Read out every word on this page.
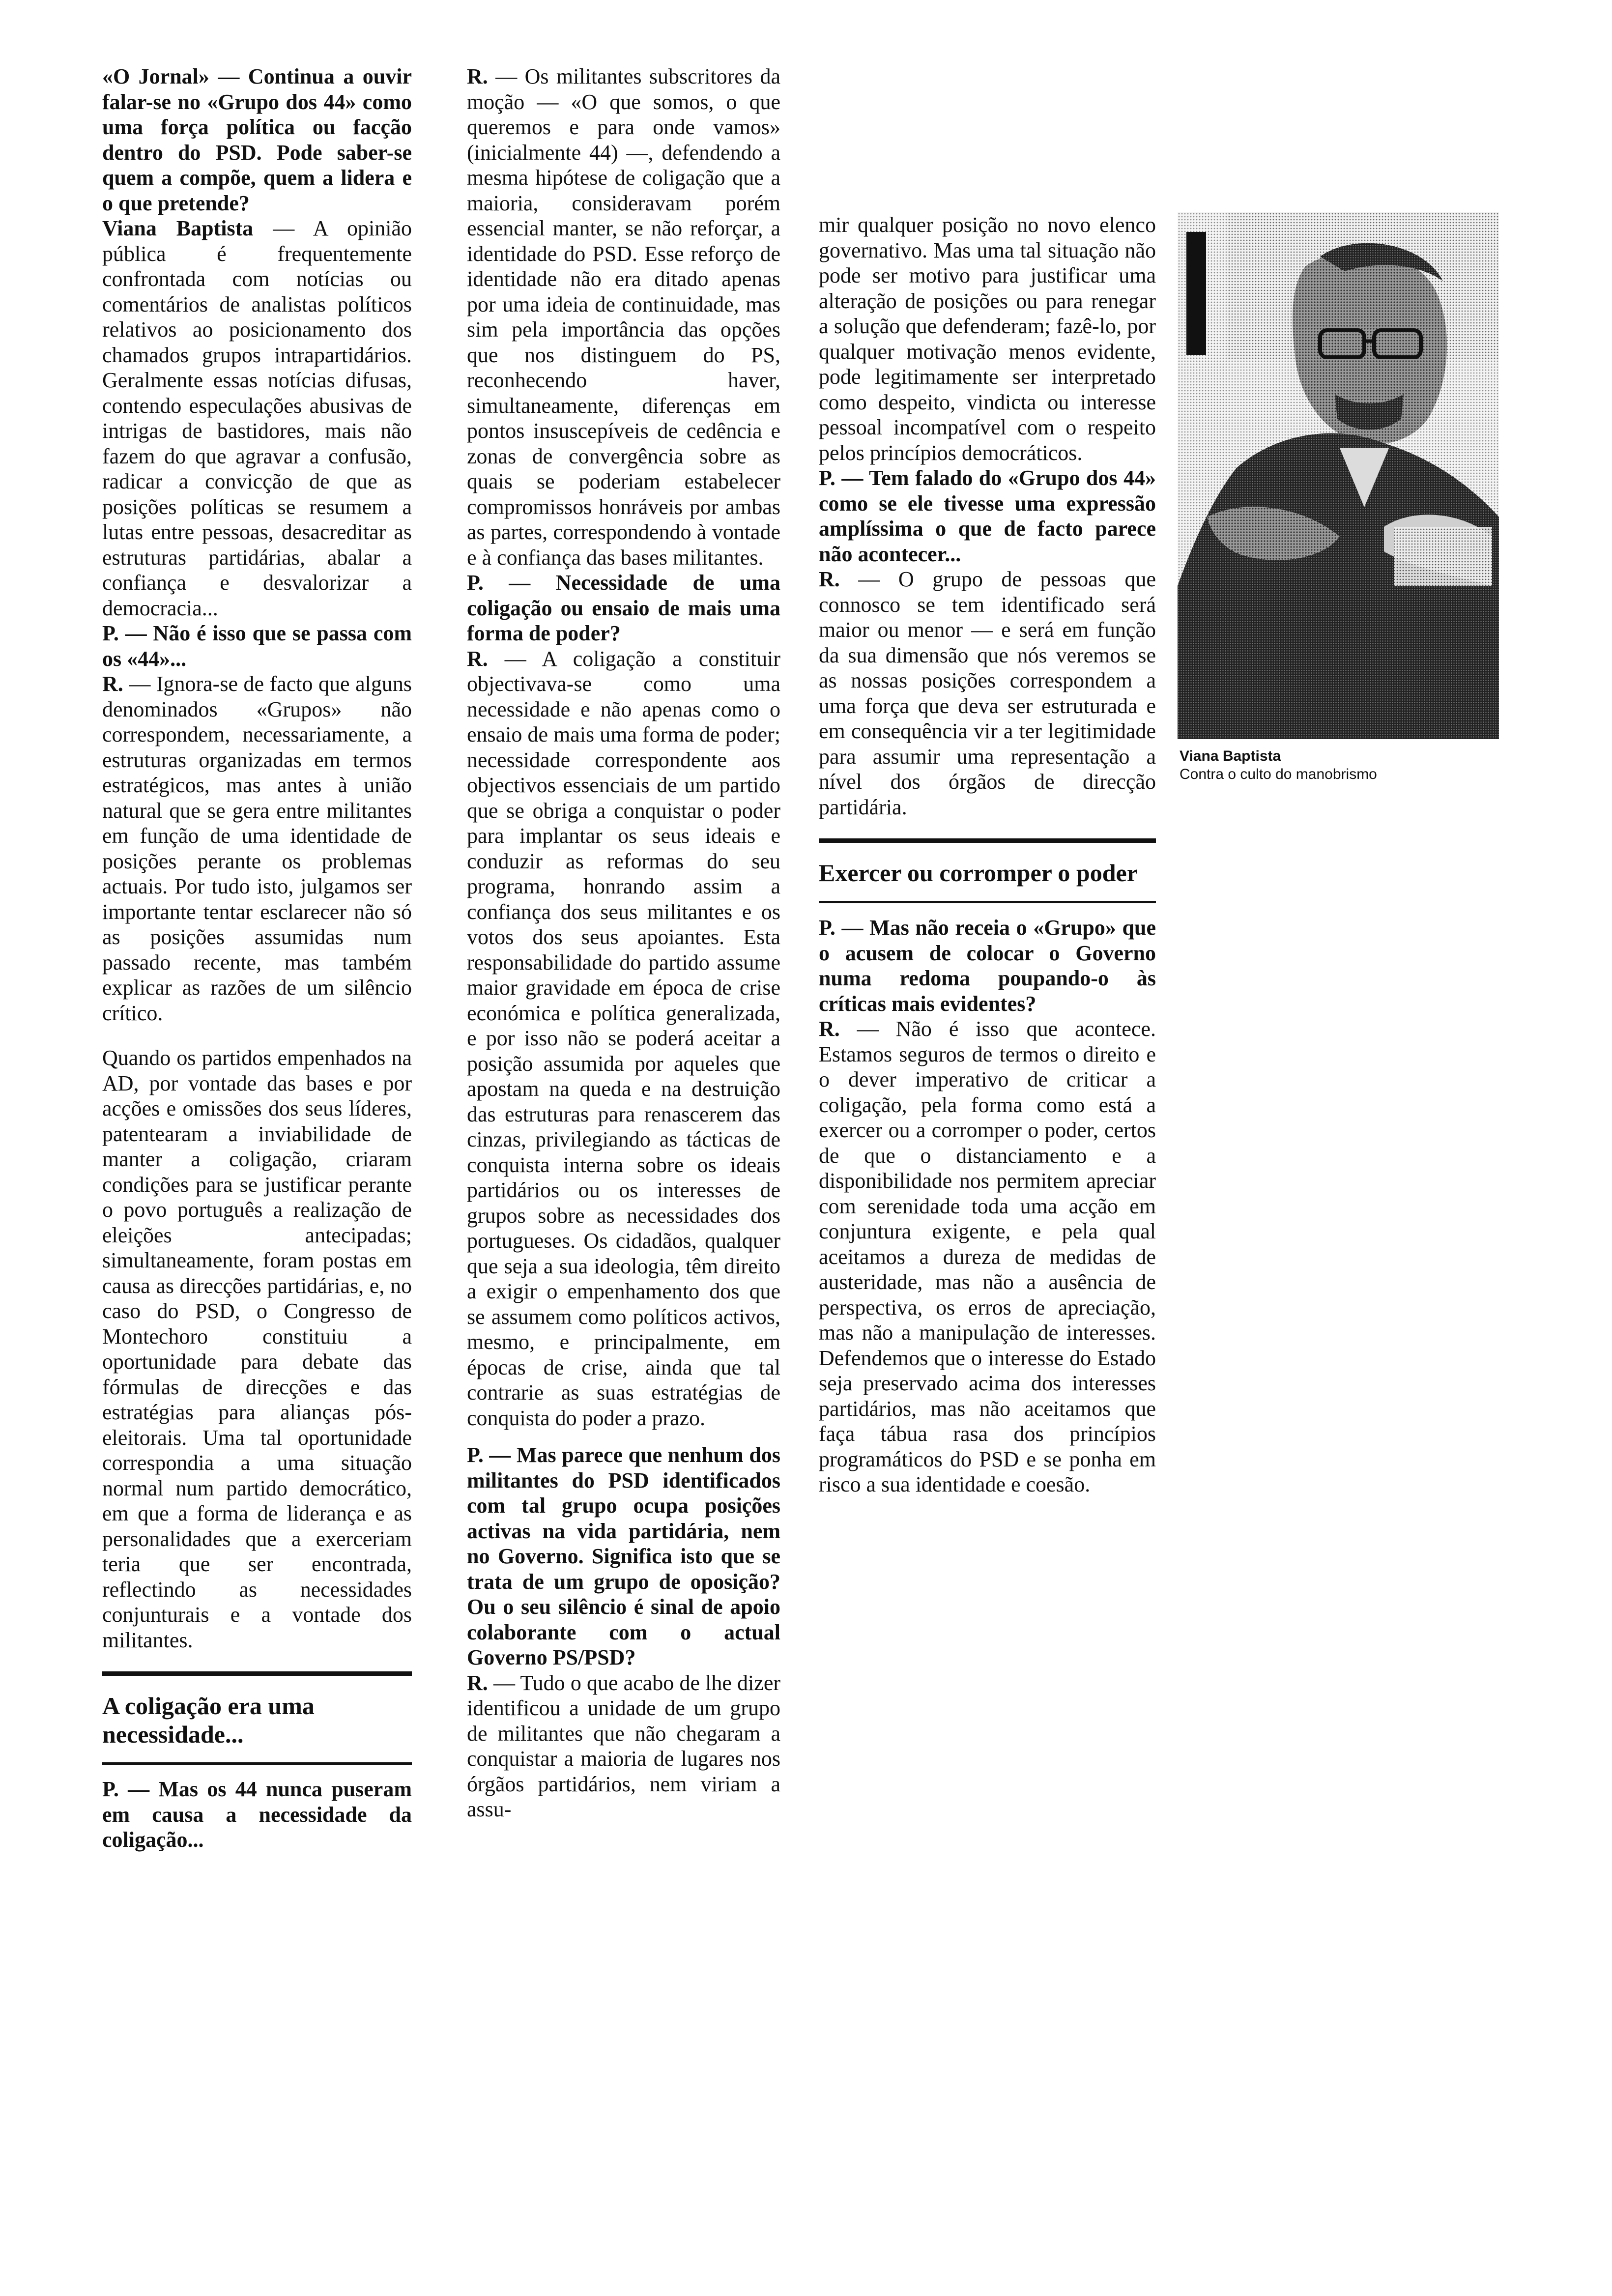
«O Jornal» — Continua a ouvir falar-se no «Grupo dos 44» como uma força política ou facção dentro do PSD. Pode saber-se quem a compõe, quem a lidera e o que pretende?

Viana Baptista — A opinião pública é frequentemente confrontada com notícias ou comentários de analistas políticos relativos ao posicionamento dos chamados grupos intrapartidários. Geralmente essas notícias difusas, contendo especulações abusivas de intrigas de bastidores, mais não fazem do que agravar a confusão, radicar a convicção de que as posições políticas se resumem a lutas entre pessoas, desacreditar as estruturas partidárias, abalar a confiança e desvalorizar a democracia...

P. — Não é isso que se passa com os «44»...

R. — Ignora-se de facto que alguns denominados «Grupos» não correspondem, necessariamente, a estruturas organizadas em termos estratégicos, mas antes à união natural que se gera entre militantes em função de uma identidade de posições perante os problemas actuais. Por tudo isto, julgamos ser importante tentar esclarecer não só as posições assumidas num passado recente, mas também explicar as razões de um silêncio crítico.

Quando os partidos empenhados na AD, por vontade das bases e por acções e omissões dos seus líderes, patentearam a inviabilidade de manter a coligação, criaram condições para se justificar perante o povo português a realização de eleições antecipadas; simultaneamente, foram postas em causa as direcções partidárias, e, no caso do PSD, o Congresso de Montechoro constituiu a oportunidade para debate das fórmulas de direcções e das estratégias para alianças pós-eleitorais. Uma tal oportunidade correspondia a uma situação normal num partido democrático, em que a forma de liderança e as personalidades que a exerceriam teria que ser encontrada, reflectindo as necessidades conjunturais e a vontade dos militantes.

A coligação era uma necessidade...

P. — Mas os 44 nunca puseram em causa a necessidade da coligação...

R. — Os militantes subscritores da moção — «O que somos, o que queremos e para onde vamos» (inicialmente 44) —, defendendo a mesma hipótese de coligação que a maioria, consideravam porém essencial manter, se não reforçar, a identidade do PSD. Esse reforço de identidade não era ditado apenas por uma ideia de continuidade, mas sim pela importância das opções que nos distinguem do PS, reconhecendo haver, simultaneamente, diferenças em pontos insuscepíveis de cedência e zonas de convergência sobre as quais se poderiam estabelecer compromissos honráveis por ambas as partes, correspondendo à vontade e à confiança das bases militantes.

P. — Necessidade de uma coligação ou ensaio de mais uma forma de poder?

R. — A coligação a constituir objectivava-se como uma necessidade e não apenas como o ensaio de mais uma forma de poder; necessidade correspondente aos objectivos essenciais de um partido que se obriga a conquistar o poder para implantar os seus ideais e conduzir as reformas do seu programa, honrando assim a confiança dos seus militantes e os votos dos seus apoiantes. Esta responsabilidade do partido assume maior gravidade em época de crise económica e política generalizada, e por isso não se poderá aceitar a posição assumida por aqueles que apostam na queda e na destruição das estruturas para renascerem das cinzas, privilegiando as tácticas de conquista interna sobre os ideais partidários ou os interesses de grupos sobre as necessidades dos portugueses. Os cidadãos, qualquer que seja a sua ideologia, têm direito a exigir o empenhamento dos que se assumem como políticos activos, mesmo, e principalmente, em épocas de crise, ainda que tal contrarie as suas estratégias de conquista do poder a prazo.

P. — Mas parece que nenhum dos militantes do PSD identificados com tal grupo ocupa posições activas na vida partidária, nem no Governo. Significa isto que se trata de um grupo de oposição? Ou o seu silêncio é sinal de apoio colaborante com o actual Governo PS/PSD?

R. — Tudo o que acabo de lhe dizer identificou a unidade de um grupo de militantes que não chegaram a conquistar a maioria de lugares nos órgãos partidários, nem viriam a assu-

mir qualquer posição no novo elenco governativo. Mas uma tal situação não pode ser motivo para justificar uma alteração de posições ou para renegar a solução que defenderam; fazê-lo, por qualquer motivação menos evidente, pode legitimamente ser interpretado como despeito, vindicta ou interesse pessoal incompatível com o respeito pelos princípios democráticos.

P. — Tem falado do «Grupo dos 44» como se ele tivesse uma expressão amplíssima o que de facto parece não acontecer...

R. — O grupo de pessoas que connosco se tem identificado será maior ou menor — e será em função da sua dimensão que nós veremos se as nossas posições correspondem a uma força que deva ser estruturada e em consequência vir a ter legitimidade para assumir uma representação a nível dos órgãos de direcção partidária.

Exercer ou corromper o poder

P. — Mas não receia o «Grupo» que o acusem de colocar o Governo numa redoma poupando-o às críticas mais evidentes?

R. — Não é isso que acontece. Estamos seguros de termos o direito e o dever imperativo de criticar a coligação, pela forma como está a exercer ou a corromper o poder, certos de que o distanciamento e a disponibilidade nos permitem apreciar com serenidade toda uma acção em conjuntura exigente, e pela qual aceitamos a dureza de medidas de austeridade, mas não a ausência de perspectiva, os erros de apreciação, mas não a manipulação de interesses. Defendemos que o interesse do Estado seja preservado acima dos interesses partidários, mas não aceitamos que faça tábua rasa dos princípios programáticos do PSD e se ponha em risco a sua identidade e coesão.

Viana Baptista
Contra o culto do manobrismo
